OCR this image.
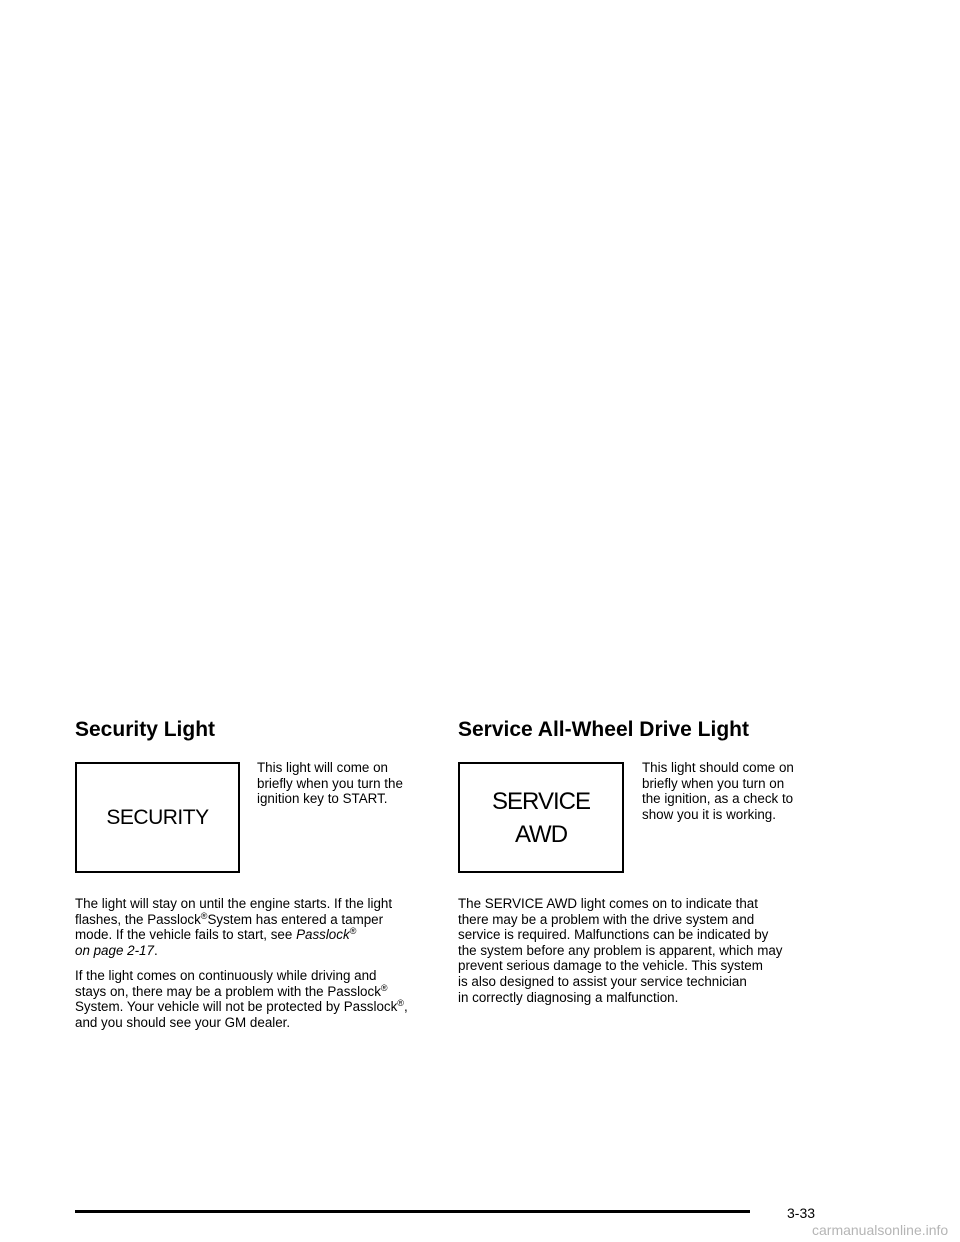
Security Light
SECURITY
This light will come on
briefly when you turn the
ignition key to START.
The light will stay on until the engine starts. If the light
flashes, the Passlock®System has entered a tamper
mode. If the vehicle fails to start, see Passlock®
on page 2-17.
If the light comes on continuously while driving and
stays on, there may be a problem with the Passlock®
System. Your vehicle will not be protected by Passlock®,
and you should see your GM dealer.
Service All-Wheel Drive Light
SERVICE
AWD
This light should come on
briefly when you turn on
the ignition, as a check to
show you it is working.
The SERVICE AWD light comes on to indicate that
there may be a problem with the drive system and
service is required. Malfunctions can be indicated by
the system before any problem is apparent, which may
prevent serious damage to the vehicle. This system
is also designed to assist your service technician
in correctly diagnosing a malfunction.
3-33
carmanualsonline.info
